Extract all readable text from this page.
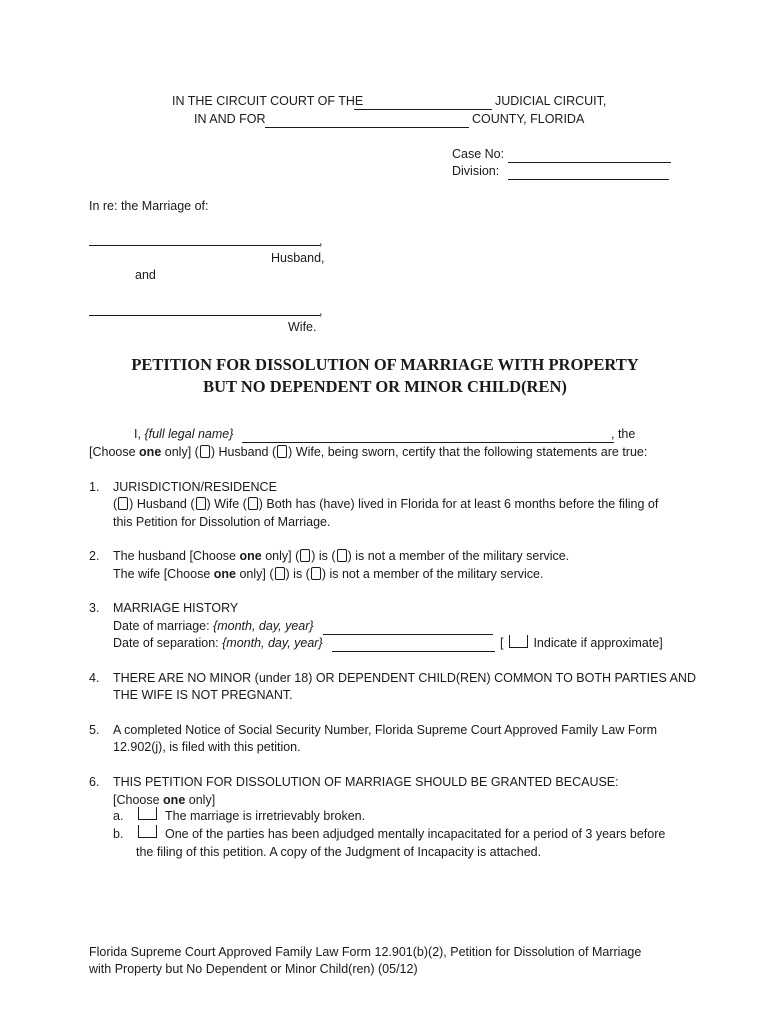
IN THE CIRCUIT COURT OF THE	JUDICIAL CIRCUIT,
IN AND FOR	COUNTY, FLORIDA
Case No:
Division:
In re: the Marriage of:
,
Husband,
and
,
Wife.
PETITION FOR DISSOLUTION OF MARRIAGE WITH PROPERTY
BUT NO DEPENDENT OR MINOR CHILD(REN)
I, {full legal name}	, the
[Choose one only] ( ) Husband ( ) Wife, being sworn, certify that the following statements are true:
1. JURISDICTION/RESIDENCE
( ) Husband ( ) Wife ( ) Both has (have) lived in Florida for at least 6 months before the filing of
this Petition for Dissolution of Marriage.
2. The husband [Choose one only] ( ) is ( ) is not a member of the military service.
The wife [Choose one only] ( ) is ( ) is not a member of the military service.
3. MARRIAGE HISTORY
Date of marriage: {month, day, year}
Date of separation: {month, day, year}	[ Indicate if approximate]
4. THERE ARE NO MINOR (under 18) OR DEPENDENT CHILD(REN) COMMON TO BOTH PARTIES AND
THE WIFE IS NOT PREGNANT.
5. A completed Notice of Social Security Number, Florida Supreme Court Approved Family Law Form
12.902(j), is filed with this petition.
6. THIS PETITION FOR DISSOLUTION OF MARRIAGE SHOULD BE GRANTED BECAUSE:
[Choose one only]
a.	The marriage is irretrievably broken.
b.	One of the parties has been adjudged mentally incapacitated for a period of 3 years before
the filing of this petition. A copy of the Judgment of Incapacity is attached.
Florida Supreme Court Approved Family Law Form 12.901(b)(2), Petition for Dissolution of Marriage
with Property but No Dependent or Minor Child(ren) (05/12)
